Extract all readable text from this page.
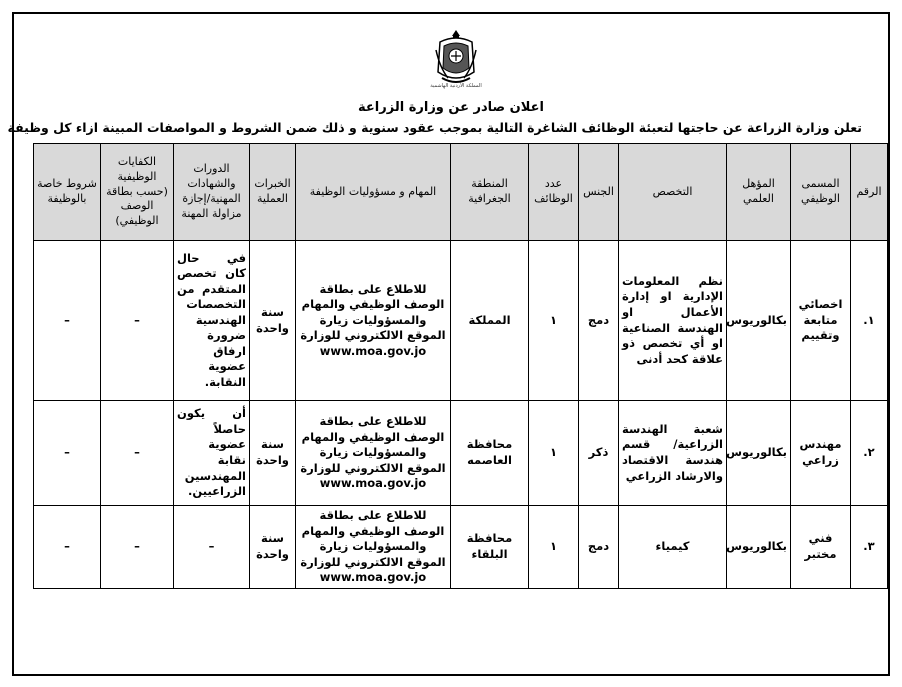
المملكة الأردنية الهاشمية
اعلان صادر عن وزارة الزراعة
تعلن وزارة الزراعة عن حاجتها لتعبئة الوظائف الشاغرة التالية بموجب عقود سنوية و ذلك ضمن الشروط و المواصفات المبينة ازاء كل وظيفة
الرقم	المسمى الوظيفي	المؤهل العلمي	التخصص	الجنس	عدد الوظائف	المنطقة الجغرافية	المهام و مسؤوليات الوظيفة	الخبرات العملية	الدورات والشهادات المهنية/إجازة مزاولة المهنة	الكفايات الوظيفية (حسب بطاقة الوصف الوظيفي)	شروط خاصة بالوظيفة
١.	اخصائي متابعة وتقييم	بكالوريوس	نظم المعلومات الإدارية او إدارة الأعمال او الهندسة الصناعية او أي تخصص ذو علاقة كحد أدنى	دمج	١	المملكة	للاطلاع على بطاقة الوصف الوظيفي والمهام والمسؤوليات زيارة الموقع الالكتروني للوزارة www.moa.gov.jo	سنة واحدة	في حال كان تخصص المتقدم من التخصصات الهندسية ضرورة ارفاق عضوية النقابة.	–	–
٢.	مهندس زراعي	بكالوريوس	شعبة الهندسة الزراعية/ قسم هندسة الاقتصاد والارشاد الزراعي	ذكر	١	محافظة العاصمه	للاطلاع على بطاقة الوصف الوظيفي والمهام والمسؤوليات زيارة الموقع الالكتروني للوزارة www.moa.gov.jo	سنة واحدة	أن يكون حاصلاً عضوية نقابة المهندسين الزراعيين.	–	–
٣.	فني مختبر	بكالوريوس	كيمياء	دمج	١	محافظة البلقاء	للاطلاع على بطاقة الوصف الوظيفي والمهام والمسؤوليات زيارة الموقع الالكتروني للوزارة www.moa.gov.jo	سنة واحدة	–	–	–
